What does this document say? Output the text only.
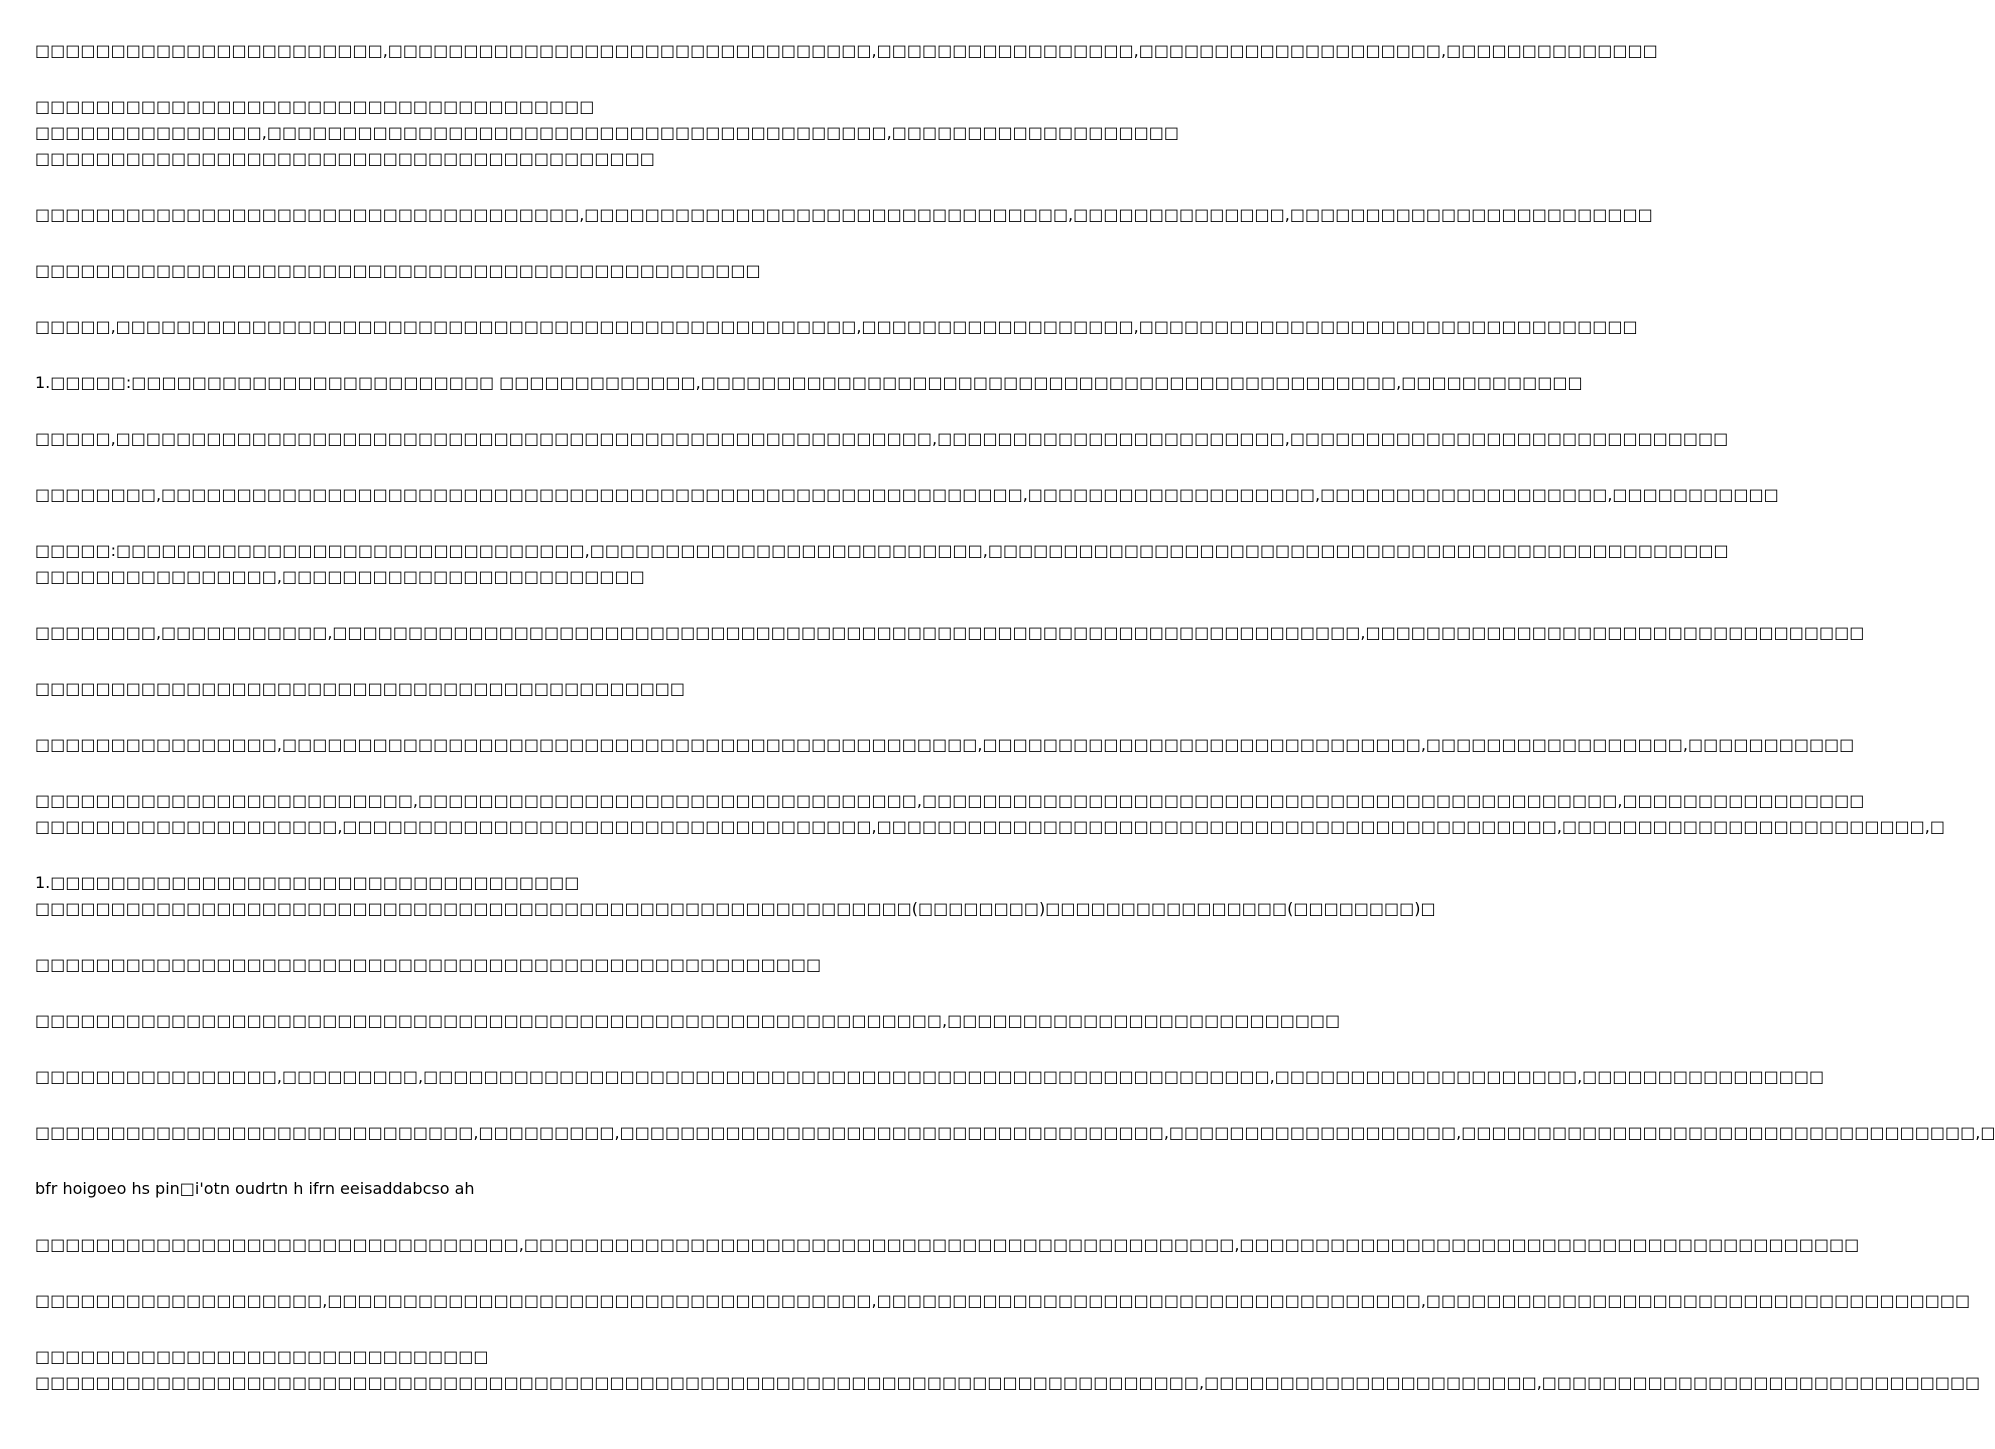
□□□□□□□□□□□□□□□□□□□□□□□,□□□□□□□□□□□□□□□□□□□□□□□□□□□□□□□□,□□□□□□□□□□□□□□□□□,□□□□□□□□□□□□□□□□□□□□,□□□□□□□□□□□□□□
□□□□□□□□□□□□□□□□□□□□□□□□□□□□□□□□□□□□□
□□□□□□□□□□□□□□□,□□□□□□□□□□□□□□□□□□□□□□□□□□□□□□□□□□□□□□□□□,□□□□□□□□□□□□□□□□□□□
□□□□□□□□□□□□□□□□□□□□□□□□□□□□□□□□□□□□□□□□□
□□□□□□□□□□□□□□□□□□□□□□□□□□□□□□□□□□□□,□□□□□□□□□□□□□□□□□□□□□□□□□□□□□□□□,□□□□□□□□□□□□□□,□□□□□□□□□□□□□□□□□□□□□□□□
□□□□□□□□□□□□□□□□□□□□□□□□□□□□□□□□□□□□□□□□□□□□□□□□
□□□□□,□□□□□□□□□□□□□□□□□□□□□□□□□□□□□□□□□□□□□□□□□□□□□□□□□,□□□□□□□□□□□□□□□□□□,□□□□□□□□□□□□□□□□□□□□□□□□□□□□□□□□□
1.□□□□□:□□□□□□□□□□□□□□□□□□□□□□□□ □□□□□□□□□□□□□,□□□□□□□□□□□□□□□□□□□□□□□□□□□□□□□□□□□□□□□□□□□□□□,□□□□□□□□□□□□
□□□□□,□□□□□□□□□□□□□□□□□□□□□□□□□□□□□□□□□□□□□□□□□□□□□□□□□□□□□□,□□□□□□□□□□□□□□□□□□□□□□□,□□□□□□□□□□□□□□□□□□□□□□□□□□□□□
□□□□□□□□,□□□□□□□□□□□□□□□□□□□□□□□□□□□□□□□□□□□□□□□□□□□□□□□□□□□□□□□□□,□□□□□□□□□□□□□□□□□□□,□□□□□□□□□□□□□□□□□□□,□□□□□□□□□□□
□□□□□:□□□□□□□□□□□□□□□□□□□□□□□□□□□□□□□,□□□□□□□□□□□□□□□□□□□□□□□□□□,□□□□□□□□□□□□□□□□□□□□□□□□□□□□□□□□□□□□□□□□□□□□□□□□□
□□□□□□□□□□□□□□□□,□□□□□□□□□□□□□□□□□□□□□□□□
□□□□□□□□,□□□□□□□□□□□,□□□□□□□□□□□□□□□□□□□□□□□□□□□□□□□□□□□□□□□□□□□□□□□□□□□□□□□□□□□□□□□□□□□□,□□□□□□□□□□□□□□□□□□□□□□□□□□□□□□□□□
□□□□□□□□□□□□□□□□□□□□□□□□□□□□□□□□□□□□□□□□□□□
□□□□□□□□□□□□□□□□,□□□□□□□□□□□□□□□□□□□□□□□□□□□□□□□□□□□□□□□□□□□□□□,□□□□□□□□□□□□□□□□□□□□□□□□□□□□□,□□□□□□□□□□□□□□□□□,□□□□□□□□□□□
□□□□□□□□□□□□□□□□□□□□□□□□□,□□□□□□□□□□□□□□□□□□□□□□□□□□□□□□□□□,□□□□□□□□□□□□□□□□□□□□□□□□□□□□□□□□□□□□□□□□□□□□□□,□□□□□□□□□□□□□□□□
□□□□□□□□□□□□□□□□□□□□,□□□□□□□□□□□□□□□□□□□□□□□□□□□□□□□□□□□,□□□□□□□□□□□□□□□□□□□□□□□□□□□□□□□□□□□□□□□□□□□□□,□□□□□□□□□□□□□□□□□□□□□□□□,□
1.□□□□□□□□□□□□□□□□□□□□□□□□□□□□□□□□□□□
□□□□□□□□□□□□□□□□□□□□□□□□□□□□□□□□□□□□□□□□□□□□□□□□□□□□□□□□□□(□□□□□□□□)□□□□□□□□□□□□□□□□(□□□□□□□□)□
□□□□□□□□□□□□□□□□□□□□□□□□□□□□□□□□□□□□□□□□□□□□□□□□□□□□
□□□□□□□□□□□□□□□□□□□□□□□□□□□□□□□□□□□□□□□□□□□□□□□□□□□□□□□□□□□□,□□□□□□□□□□□□□□□□□□□□□□□□□□
□□□□□□□□□□□□□□□□,□□□□□□□□□,□□□□□□□□□□□□□□□□□□□□□□□□□□□□□□□□□□□□□□□□□□□□□□□□□□□□□□□□,□□□□□□□□□□□□□□□□□□□□,□□□□□□□□□□□□□□□□
□□□□□□□□□□□□□□□□□□□□□□□□□□□□□,□□□□□□□□□,□□□□□□□□□□□□□□□□□□□□□□□□□□□□□□□□□□□□,□□□□□□□□□□□□□□□□□□□,□□□□□□□□□□□□□□□□□□□□□□□□□□□□□□□□□□,□
bfr hoigoeo hs pin□i'otn oudrtn h ifrn eeisaddabcso ah
□□□□□□□□□□□□□□□□□□□□□□□□□□□□□□□□,□□□□□□□□□□□□□□□□□□□□□□□□□□□□□□□□□□□□□□□□□□□□□□□,□□□□□□□□□□□□□□□□□□□□□□□□□□□□□□□□□□□□□□□□□
□□□□□□□□□□□□□□□□□□□,□□□□□□□□□□□□□□□□□□□□□□□□□□□□□□□□□□□□,□□□□□□□□□□□□□□□□□□□□□□□□□□□□□□□□□□□□,□□□□□□□□□□□□□□□□□□□□□□□□□□□□□□□□□□□□
□□□□□□□□□□□□□□□□□□□□□□□□□□□□□□
□□□□□□□□□□□□□□□□□□□□□□□□□□□□□□□□□□□□□□□□□□□□□□□□□□□□□□□□□□□□□□□□□□□□□□□□□□□□□,□□□□□□□□□□□□□□□□□□□□□□,□□□□□□□□□□□□□□□□□□□□□□□□□□□□□
